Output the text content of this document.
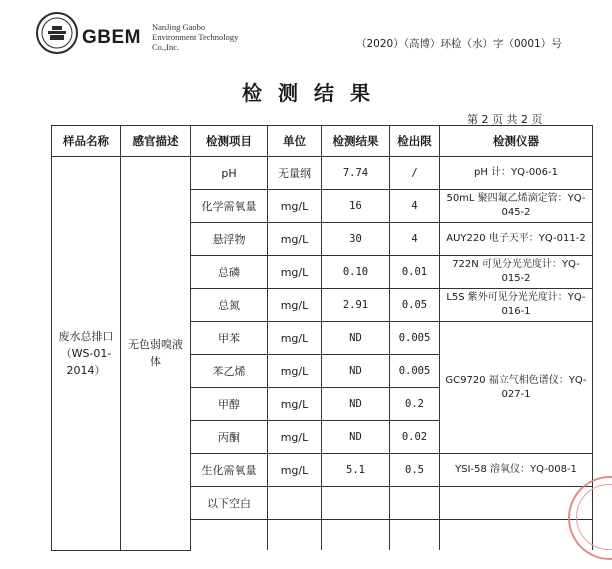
GBEM NanJing Gaobo
Environment Technology
Co.,Inc.	（2020）（高博）环检（水）字（0001）号
检测结果
第 2 页 共 2 页
样品名称	感官描述	检测项目	单位	检测结果	检出限	检测仪器
废水总排口（WS-01-2014）	无色弱嗅液体	pH	无量纲	7.74	/	pH 计：YQ-006-1
		化学需氧量	mg/L	16	4	50mL 聚四氟乙烯滴定管：YQ-045-2
		悬浮物	mg/L	30	4	AUY220 电子天平：YQ-011-2
		总磷	mg/L	0.10	0.01	722N 可见分光光度计：YQ-015-2
		总氮	mg/L	2.91	0.05	L5S 紫外可见分光光度计：YQ-016-1
		甲苯	mg/L	ND	0.005	GC9720 福立气相色谱仪：YQ-027-1
		苯乙烯	mg/L	ND	0.005	
		甲醇	mg/L	ND	0.2	
		丙酮	mg/L	ND	0.02	
		生化需氧量	mg/L	5.1	0.5	YSI-58 溶氧仪：YQ-008-1
		以下空白				
